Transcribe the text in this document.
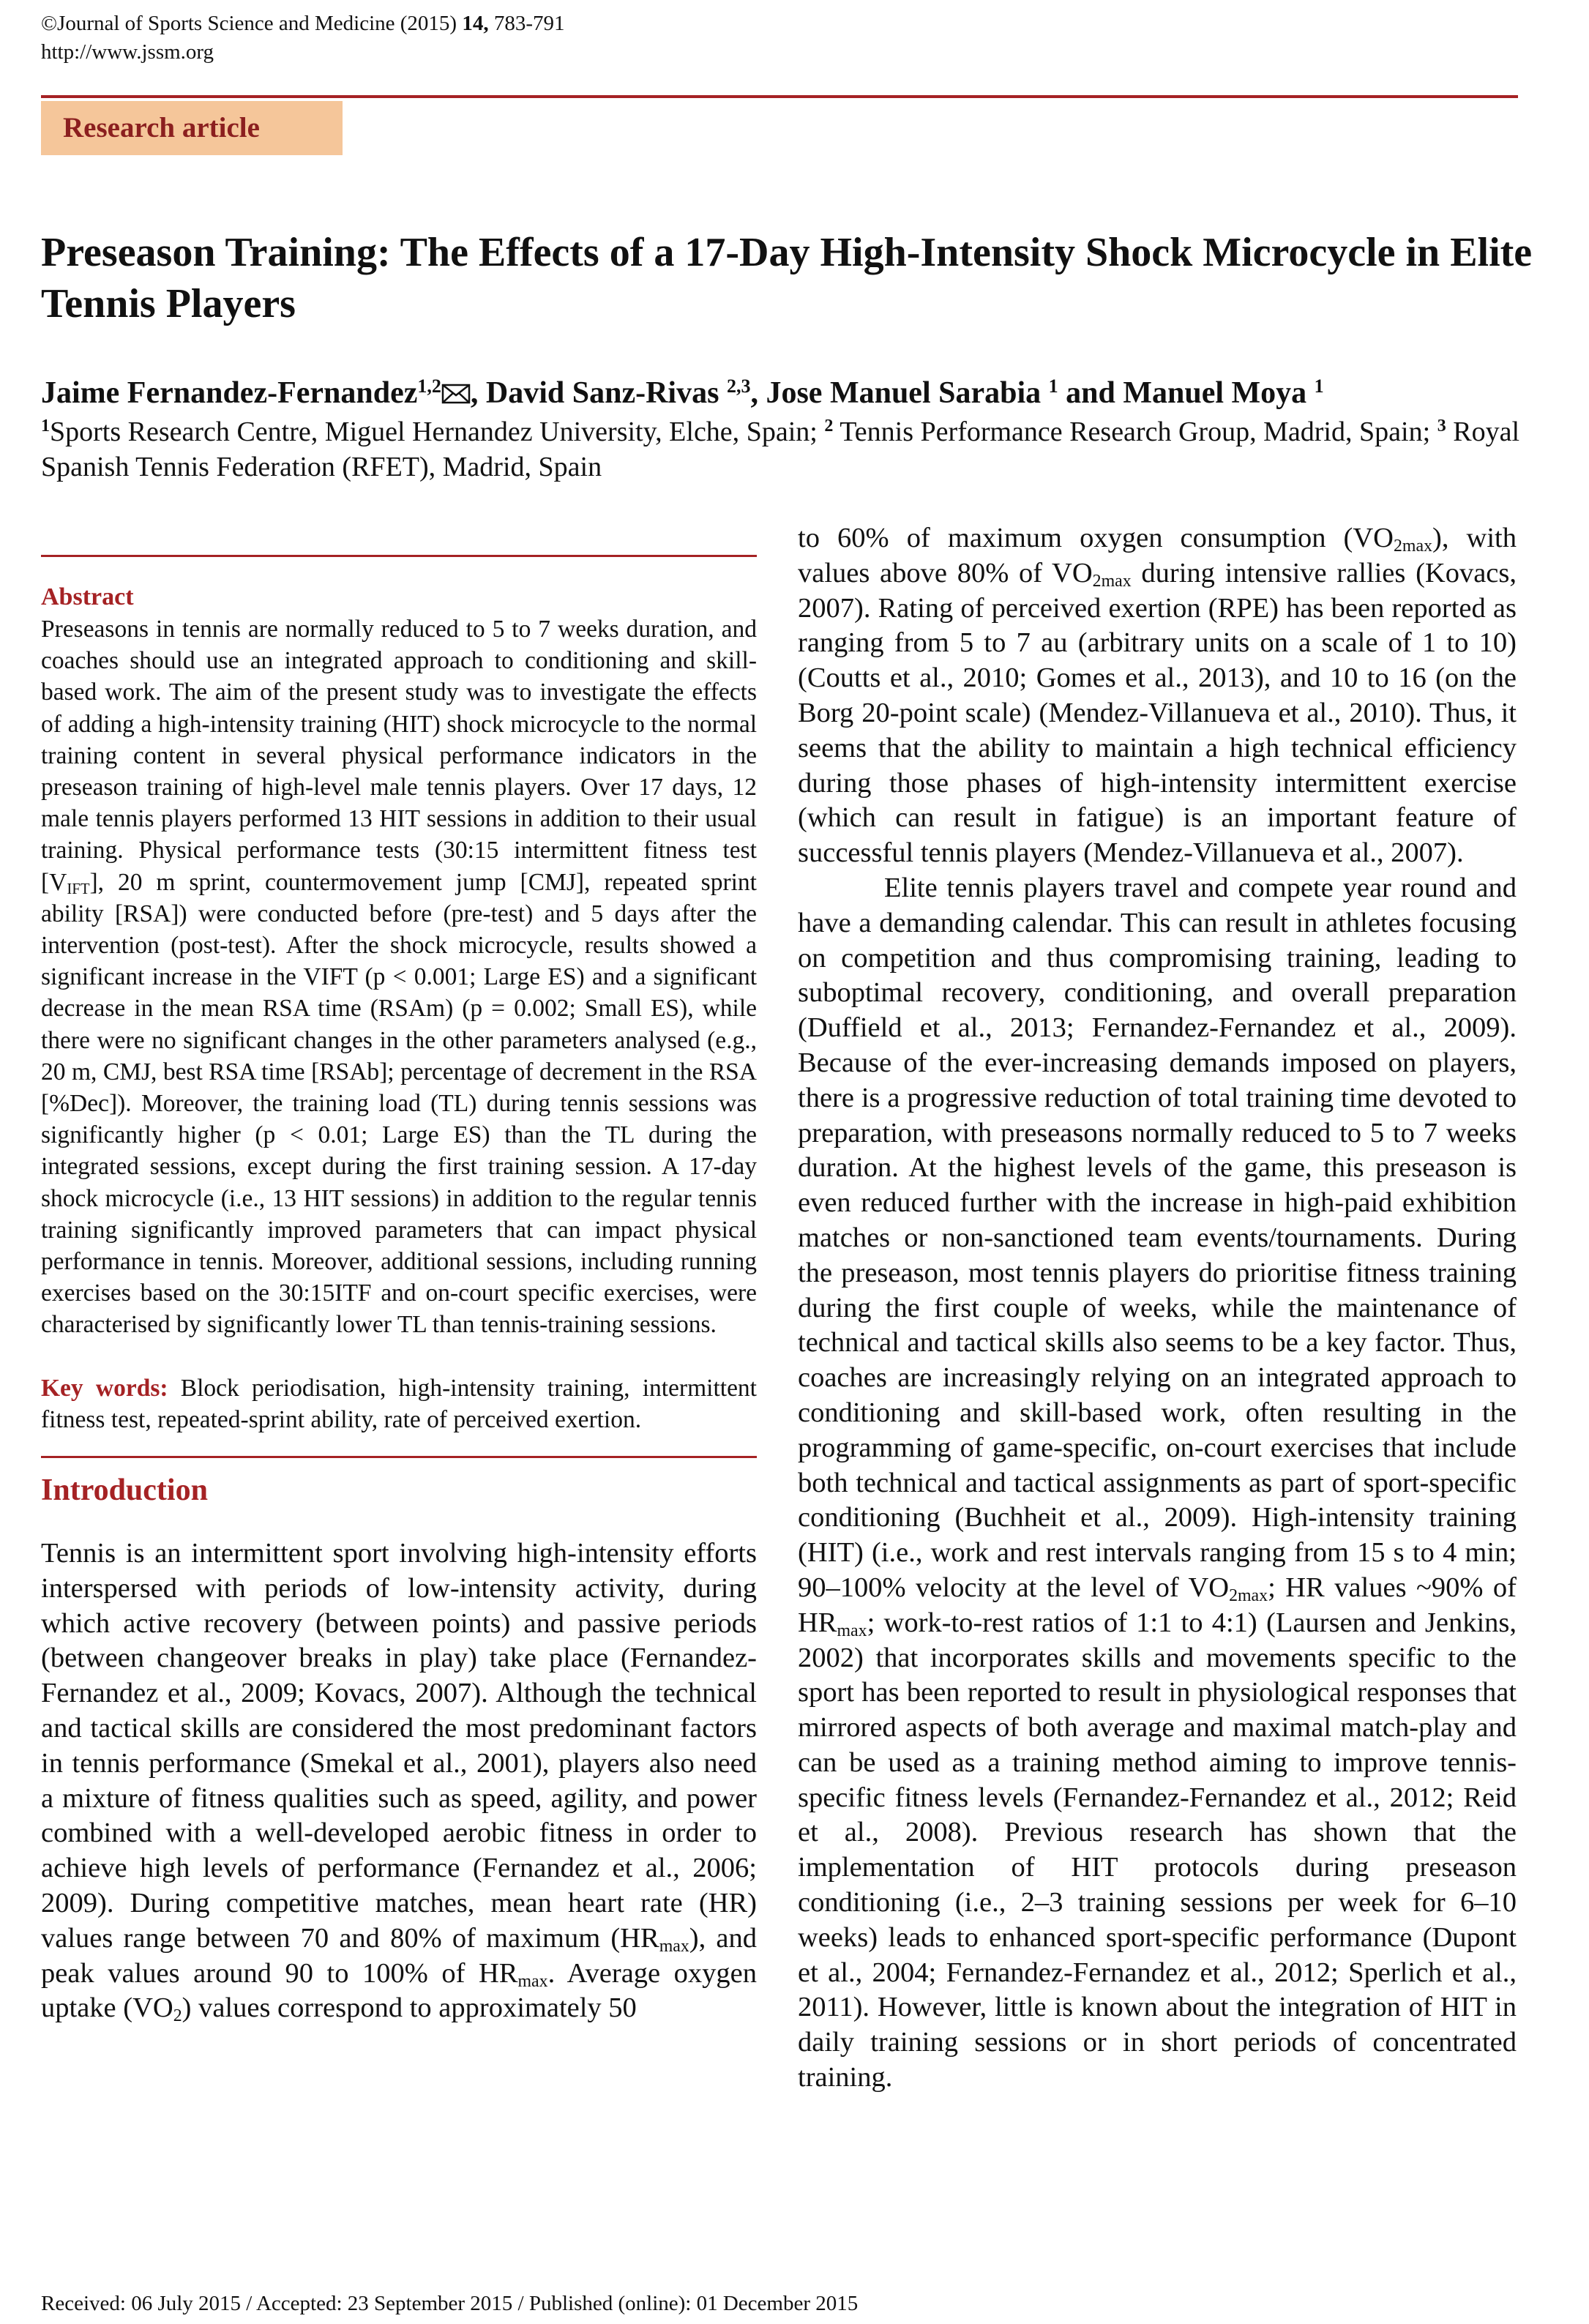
©Journal of Sports Science and Medicine (2015) 14, 783-791
http://www.jssm.org
Research article
Preseason Training: The Effects of a 17-Day High-Intensity Shock Microcycle in Elite Tennis Players
Jaime Fernandez-Fernandez$^{1,2}$ , David Sanz-Rivas $^{2,3}$, Jose Manuel Sarabia $^1$ and Manuel Moya $^1$
$^1$Sports Research Centre, Miguel Hernandez University, Elche, Spain; $^2$ Tennis Performance Research Group, Madrid, Spain; $^3$ Royal Spanish Tennis Federation (RFET), Madrid, Spain
Abstract

Preseasons in tennis are normally reduced to 5 to 7 weeks duration, and coaches should use an integrated approach to conditioning and skill-based work. The aim of the present study was to investigate the effects of adding a high-intensity training (HIT) shock microcycle to the normal training content in several physical performance indicators in the preseason training of high-level male tennis players. Over 17 days, 12 male tennis players performed 13 HIT sessions in addition to their usual training. Physical performance tests (30:15 intermittent fitness test $[V_{IFT}]$, 20 m sprint, countermovement jump [CMJ], repeated sprint ability [RSA]) were conducted before (pre-test) and 5 days after the intervention (post-test). After the shock microcycle, results showed a significant increase in the VIFT (p < 0.001; Large ES) and a significant decrease in the mean RSA time (RSAm) (p = 0.002; Small ES), while there were no significant changes in the other parameters analysed (e.g., 20 m, CMJ, best RSA time [RSAb]; percentage of decrement in the RSA [%Dec]). Moreover, the training load (TL) during tennis sessions was significantly higher (p < 0.01; Large ES) than the TL during the integrated sessions, except during the first training session. A 17-day shock microcycle (i.e., 13 HIT sessions) in addition to the regular tennis training significantly improved parameters that can impact physical performance in tennis. Moreover, additional sessions, including running exercises based on the 30:15ITF and on-court specific exercises, were characterised by significantly lower TL than tennis-training sessions.

Key words: Block periodisation, high-intensity training, intermittent fitness test, repeated-sprint ability, rate of perceived exertion.

Introduction

Tennis is an intermittent sport involving high-intensity efforts interspersed with periods of low-intensity activity, during which active recovery (between points) and passive periods (between changeover breaks in play) take place (Fernandez-Fernandez et al., 2009; Kovacs, 2007). Although the technical and tactical skills are considered the most predominant factors in tennis performance (Smekal et al., 2001), players also need a mixture of fitness qualities such as speed, agility, and power combined with a well-developed aerobic fitness in order to achieve high levels of performance (Fernandez et al., 2006; 2009). During competitive matches, mean heart rate (HR) values range between 70 and 80% of maximum $(HR_{max})$, and peak values around 90 to 100% of $HR_{max}$. Average oxygen uptake $(VO_2)$ values correspond to approximately 50

to 60% of maximum oxygen consumption $(VO_{2max})$, with values above 80% of $VO_{2max}$ during intensive rallies (Kovacs, 2007). Rating of perceived exertion (RPE) has been reported as ranging from 5 to 7 au (arbitrary units on a scale of 1 to 10) (Coutts et al., 2010; Gomes et al., 2013), and 10 to 16 (on the Borg 20-point scale) (Mendez-Villanueva et al., 2010). Thus, it seems that the ability to maintain a high technical efficiency during those phases of high-intensity intermittent exercise (which can result in fatigue) is an important feature of successful tennis players (Mendez-Villanueva et al., 2007).

Elite tennis players travel and compete year round and have a demanding calendar. This can result in athletes focusing on competition and thus compromising training, leading to suboptimal recovery, conditioning, and overall preparation (Duffield et al., 2013; Fernandez-Fernandez et al., 2009). Because of the ever-increasing demands imposed on players, there is a progressive reduction of total training time devoted to preparation, with preseasons normally reduced to 5 to 7 weeks duration. At the highest levels of the game, this preseason is even reduced further with the increase in high-paid exhibition matches or non-sanctioned team events/tournaments. During the preseason, most tennis players do prioritise fitness training during the first couple of weeks, while the maintenance of technical and tactical skills also seems to be a key factor. Thus, coaches are increasingly relying on an integrated approach to conditioning and skill-based work, often resulting in the programming of game-specific, on-court exercises that include both technical and tactical assignments as part of sport-specific conditioning (Buchheit et al., 2009). High-intensity training (HIT) (i.e., work and rest intervals ranging from 15 s to 4 min; 90–100% velocity at the level of $VO_{2max}$; HR values ~90% of $HR_{max}$; work-to-rest ratios of 1:1 to 4:1) (Laursen and Jenkins, 2002) that incorporates skills and movements specific to the sport has been reported to result in physiological responses that mirrored aspects of both average and maximal match-play and can be used as a training method aiming to improve tennis-specific fitness levels (Fernandez-Fernandez et al., 2012; Reid et al., 2008). Previous research has shown that the implementation of HIT protocols during preseason conditioning (i.e., 2–3 training sessions per week for 6–10 weeks) leads to enhanced sport-specific performance (Dupont et al., 2004; Fernandez-Fernandez et al., 2012; Sperlich et al., 2011). However, little is known about the integration of HIT in daily training sessions or in short periods of concentrated training.

Received: 06 July 2015 / Accepted: 23 September 2015 / Published (online): 01 December 2015
